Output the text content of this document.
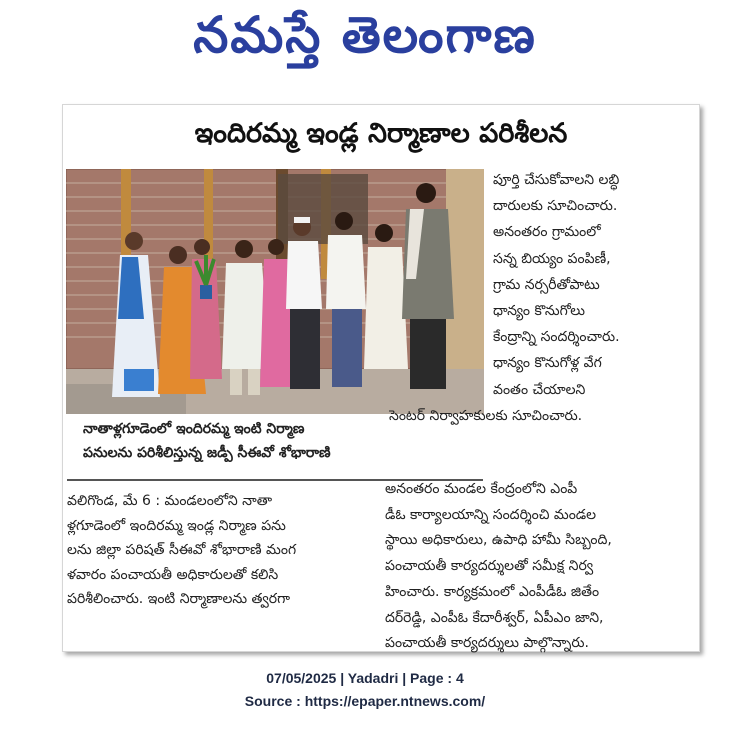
నమస్తే తెలంగాణ
ఇందిరమ్మ ఇండ్ల నిర్మాణాల పరిశీలన
నాతాళ్లగూడెంలో ఇందిరమ్మ ఇంటి నిర్మాణ
పనులను పరిశీలిస్తున్న జడ్పీ సీఈవో శోభారాణి
వలిగొండ, మే 6 : మండలంలోని నాతా
ళ్లగూడెంలో ఇందిరమ్మ ఇండ్ల నిర్మాణ పను
లను జిల్లా పరిషత్ సీఈవో శోభారాణి మంగ
ళవారం పంచాయతీ అధికారులతో కలిసి
పరిశీలించారు. ఇంటి నిర్మాణాలను త్వరగా
పూర్తి చేసుకోవాలని లబ్ధి
దారులకు సూచించారు.
అనంతరం గ్రామంలో
సన్న బియ్యం పంపిణీ,
గ్రామ నర్సరీతోపాటు
ధాన్యం కొనుగోలు
కేంద్రాన్ని సందర్శించారు.
ధాన్యం కొనుగోళ్ల వేగ
వంతం చేయాలని
సెంటర్ నిర్వాహకులకు సూచించారు.
అనంతరం మండల కేంద్రంలోని ఎంపీ
డీఓ కార్యాలయాన్ని సందర్శించి మండల
స్థాయి అధికారులు, ఉపాధి హామీ సిబ్బంది,
పంచాయతీ కార్యదర్శులతో సమీక్ష నిర్వ
హించారు. కార్యక్రమంలో ఎంపీడీఓ జితేం
దర్‌రెడ్డి, ఎంపీఓ కేదారీశ్వర్, ఏపీఎం జాని,
పంచాయతీ కార్యదర్శులు పాల్గొన్నారు.
07/05/2025 | Yadadri | Page : 4
Source : https://epaper.ntnews.com/
